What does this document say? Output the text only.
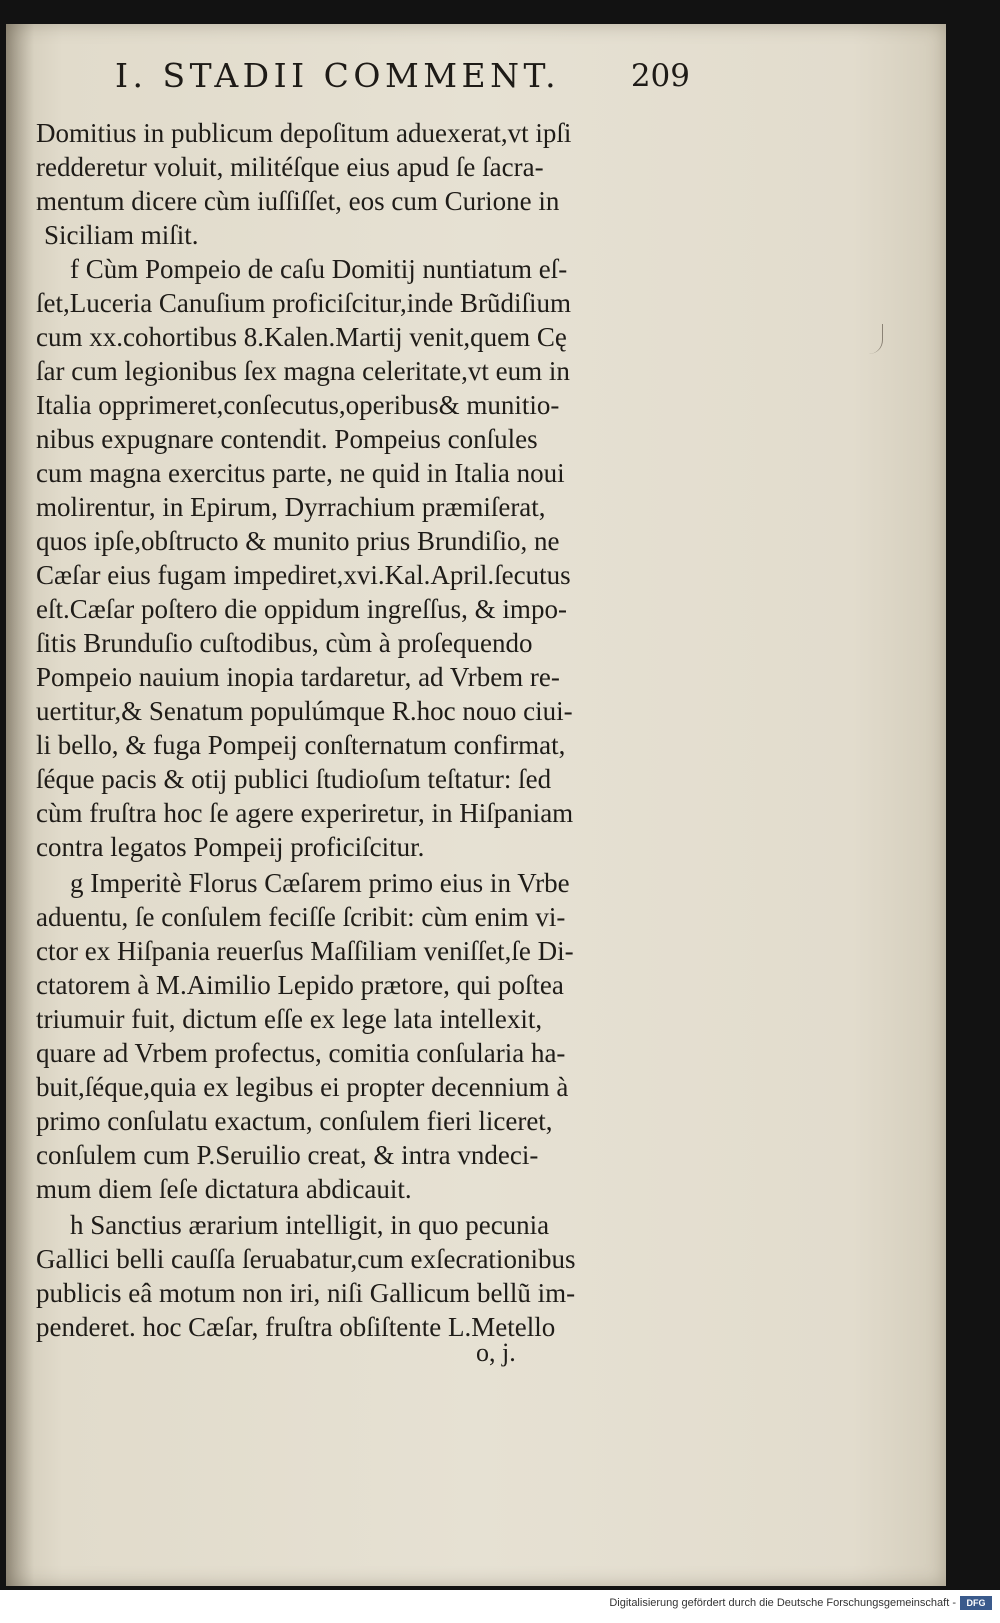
I. STADII COMMENT. 209
Domitius in publicum depoſitum aduexerat,vt ipſi
redderetur voluit, militéſque eius apud ſe ſacra-
mentum dicere cùm iuſſiſſet, eos cum Curione in
Siciliam miſit.
f Cùm Pompeio de caſu Domitij nuntiatum eſ-
ſet,Luceria Canuſium proficiſcitur,inde Brũdiſium
cum xx.cohortibus 8.Kalen.Martij venit,quem Cę
ſar cum legionibus ſex magna celeritate,vt eum in
Italia opprimeret,conſecutus,operibus& munitio-
nibus expugnare contendit. Pompeius conſules
cum magna exercitus parte, ne quid in Italia noui
molirentur, in Epirum, Dyrrachium præmiſerat,
quos ipſe,obſtructo & munito prius Brundiſio, ne
Cæſar eius fugam impediret,xvi.Kal.April.ſecutus
eſt.Cæſar poſtero die oppidum ingreſſus, & impo-
ſitis Brunduſio cuſtodibus, cùm à proſequendo
Pompeio nauium inopia tardaretur, ad Vrbem re-
uertitur,& Senatum populúmque R.hoc nouo ciui-
li bello, & fuga Pompeij conſternatum confirmat,
ſéque pacis & otij publici ſtudioſum teſtatur: ſed
cùm fruſtra hoc ſe agere experiretur, in Hiſpaniam
contra legatos Pompeij proficiſcitur.
g Imperitè Florus Cæſarem primo eius in Vrbe
aduentu, ſe conſulem feciſſe ſcribit: cùm enim vi-
ctor ex Hiſpania reuerſus Maſſiliam veniſſet,ſe Di-
ctatorem à M.Aimilio Lepido prætore, qui poſtea
triumuir fuit, dictum eſſe ex lege lata intellexit,
quare ad Vrbem profectus, comitia conſularia ha-
buit,ſéque,quia ex legibus ei propter decennium à
primo conſulatu exactum, conſulem fieri liceret,
conſulem cum P.Seruilio creat, & intra vndeci-
mum diem ſeſe dictatura abdicauit.
h Sanctius ærarium intelligit, in quo pecunia
Gallici belli cauſſa ſeruabatur,cum exſecrationibus
publicis eâ motum non iri, niſi Gallicum bellũ im-
penderet. hoc Cæſar, fruſtra obſiſtente L.Metello
o, j.
Digitalisierung gefördert durch die Deutsche Forschungsgemeinschaft -	DFG
